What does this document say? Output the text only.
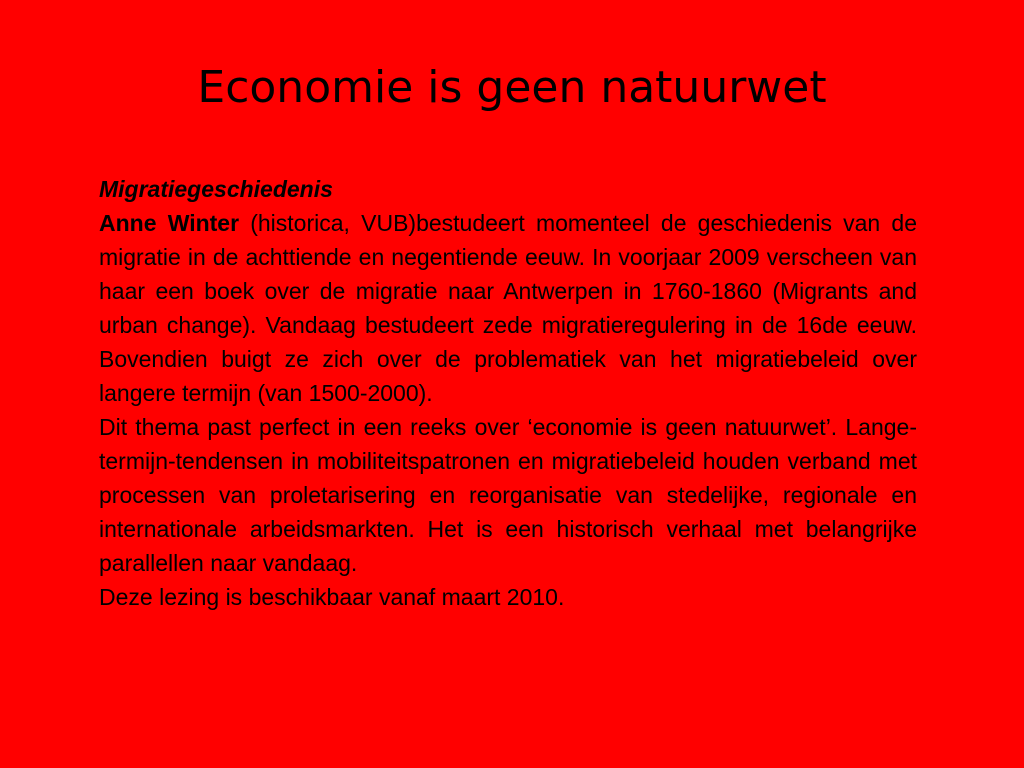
Economie is geen natuurwet

Migratiegeschiedenis

Anne Winter (historica, VUB)bestudeert momenteel de geschiedenis van de migratie in de achttiende en negentiende eeuw. In voorjaar 2009 verscheen van haar een boek over de migratie naar Antwerpen in 1760-1860 (Migrants and urban change). Vandaag bestudeert zede migratieregulering in de 16de eeuw. Bovendien buigt ze zich over de problematiek van het migratiebeleid over langere termijn (van 1500-2000).

Dit thema past perfect in een reeks over ‘economie is geen natuurwet’. Lange-termijn-tendensen in mobiliteitspatronen en migratiebeleid houden verband met processen van proletarisering en reorganisatie van stedelijke, regionale en internationale arbeidsmarkten. Het is een historisch verhaal met belangrijke parallellen naar vandaag.

Deze lezing is beschikbaar vanaf maart 2010.
